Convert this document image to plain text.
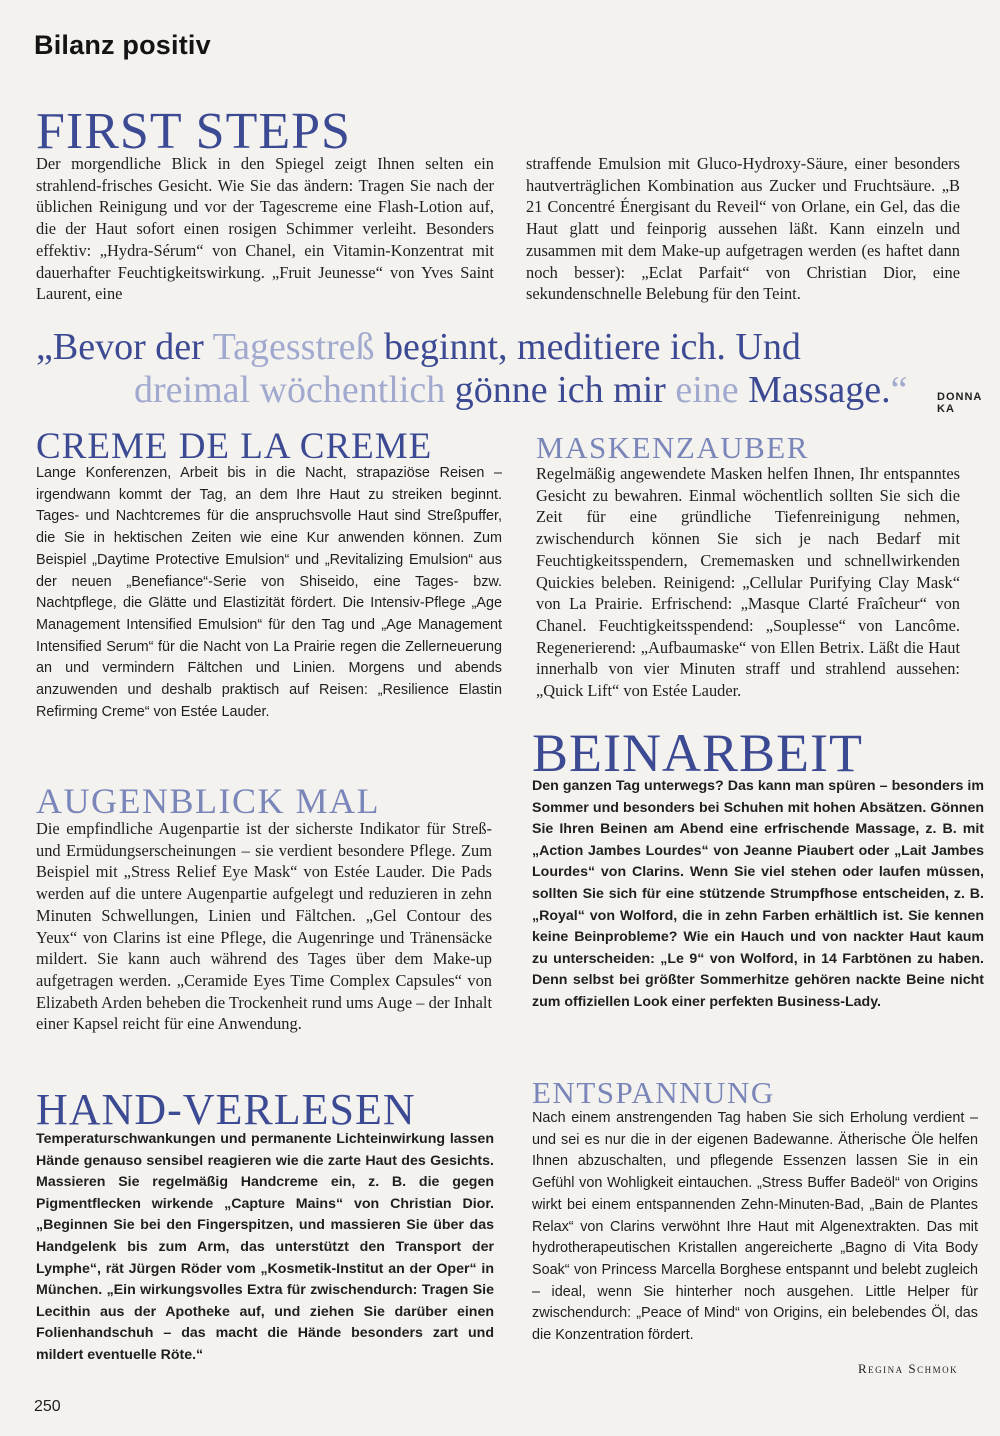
Bilanz positiv
FIRST STEPS
Der morgendliche Blick in den Spiegel zeigt Ihnen selten ein strahlend-frisches Gesicht. Wie Sie das ändern: Tragen Sie nach der üblichen Reinigung und vor der Tagescreme eine Flash-Lotion auf, die der Haut sofort einen rosigen Schimmer verleiht. Besonders effektiv: „Hydra-Sérum“ von Chanel, ein Vitamin-Konzentrat mit dauerhafter Feuchtigkeitswirkung. „Fruit Jeunesse“ von Yves Saint Laurent, eine
straffende Emulsion mit Gluco-Hydroxy-Säure, einer besonders hautverträglichen Kombination aus Zucker und Fruchtsäure. „B 21 Concentré Énergisant du Reveil“ von Orlane, ein Gel, das die Haut glatt und feinporig aussehen läßt. Kann einzeln und zusammen mit dem Make-up aufgetragen werden (es haftet dann noch besser): „Eclat Parfait“ von Christian Dior, eine sekundenschnelle Belebung für den Teint.
„Bevor der Tagesstreß beginnt, meditiere ich. Und
dreimal wöchentlich gönne ich mir eine Massage.“	DONNA KA
CREME DE LA CREME
Lange Konferenzen, Arbeit bis in die Nacht, strapaziöse Reisen – irgendwann kommt der Tag, an dem Ihre Haut zu streiken beginnt. Tages- und Nachtcremes für die anspruchsvolle Haut sind Streßpuffer, die Sie in hektischen Zeiten wie eine Kur anwenden können. Zum Beispiel „Daytime Protective Emulsion“ und „Revitalizing Emulsion“ aus der neuen „Benefiance“-Serie von Shiseido, eine Tages- bzw. Nachtpflege, die Glätte und Elastizität fördert. Die Intensiv-Pflege „Age Management Intensified Emulsion“ für den Tag und „Age Management Intensified Serum“ für die Nacht von La Prairie regen die Zellerneuerung an und vermindern Fältchen und Linien. Morgens und abends anzuwenden und deshalb praktisch auf Reisen: „Resilience Elastin Refirming Creme“ von Estée Lauder.
MASKENZAUBER
Regelmäßig angewendete Masken helfen Ihnen, Ihr entspanntes Gesicht zu bewahren. Einmal wöchentlich sollten Sie sich die Zeit für eine gründliche Tiefenreinigung nehmen, zwischendurch können Sie sich je nach Bedarf mit Feuchtigkeitsspendern, Crememasken und schnellwirkenden Quickies beleben. Reinigend: „Cellular Purifying Clay Mask“ von La Prairie. Erfrischend: „Masque Clarté Fraîcheur“ von Chanel. Feuchtigkeitsspendend: „Souplesse“ von Lancôme. Regenerierend: „Aufbaumaske“ von Ellen Betrix. Läßt die Haut innerhalb von vier Minuten straff und strahlend aussehen: „Quick Lift“ von Estée Lauder.
AUGENBLICK MAL
Die empfindliche Augenpartie ist der sicherste Indikator für Streß- und Ermüdungserscheinungen – sie verdient besondere Pflege. Zum Beispiel mit „Stress Relief Eye Mask“ von Estée Lauder. Die Pads werden auf die untere Augenpartie aufgelegt und reduzieren in zehn Minuten Schwellungen, Linien und Fältchen. „Gel Contour des Yeux“ von Clarins ist eine Pflege, die Augenringe und Tränensäcke mildert. Sie kann auch während des Tages über dem Make-up aufgetragen werden. „Ceramide Eyes Time Complex Capsules“ von Elizabeth Arden beheben die Trockenheit rund ums Auge – der Inhalt einer Kapsel reicht für eine Anwendung.
BEINARBEIT
Den ganzen Tag unterwegs? Das kann man spüren – besonders im Sommer und besonders bei Schuhen mit hohen Absätzen. Gönnen Sie Ihren Beinen am Abend eine erfrischende Massage, z. B. mit „Action Jambes Lourdes“ von Jeanne Piaubert oder „Lait Jambes Lourdes“ von Clarins. Wenn Sie viel stehen oder laufen müssen, sollten Sie sich für eine stützende Strumpfhose entscheiden, z. B. „Royal“ von Wolford, die in zehn Farben erhältlich ist. Sie kennen keine Beinprobleme? Wie ein Hauch und von nackter Haut kaum zu unterscheiden: „Le 9“ von Wolford, in 14 Farbtönen zu haben. Denn selbst bei größter Sommerhitze gehören nackte Beine nicht zum offiziellen Look einer perfekten Business-Lady.
HAND-VERLESEN
Temperaturschwankungen und permanente Lichteinwirkung lassen Hände genauso sensibel reagieren wie die zarte Haut des Gesichts. Massieren Sie regelmäßig Handcreme ein, z. B. die gegen Pigmentflecken wirkende „Capture Mains“ von Christian Dior. „Beginnen Sie bei den Fingerspitzen, und massieren Sie über das Handgelenk bis zum Arm, das unterstützt den Transport der Lymphe“, rät Jürgen Röder vom „Kosmetik-Institut an der Oper“ in München. „Ein wirkungsvolles Extra für zwischendurch: Tragen Sie Lecithin aus der Apotheke auf, und ziehen Sie darüber einen Folienhandschuh – das macht die Hände besonders zart und mildert eventuelle Röte.“
ENTSPANNUNG
Nach einem anstrengenden Tag haben Sie sich Erholung verdient – und sei es nur die in der eigenen Badewanne. Ätherische Öle helfen Ihnen abzuschalten, und pflegende Essenzen lassen Sie in ein Gefühl von Wohligkeit eintauchen. „Stress Buffer Badeöl“ von Origins wirkt bei einem entspannenden Zehn-Minuten-Bad, „Bain de Plantes Relax“ von Clarins verwöhnt Ihre Haut mit Algenextrakten. Das mit hydrotherapeutischen Kristallen angereicherte „Bagno di Vita Body Soak“ von Princess Marcella Borghese entspannt und belebt zugleich – ideal, wenn Sie hinterher noch ausgehen. Little Helper für zwischendurch: „Peace of Mind“ von Origins, ein belebendes Öl, das die Konzentration fördert.
Regina Schmok
250
